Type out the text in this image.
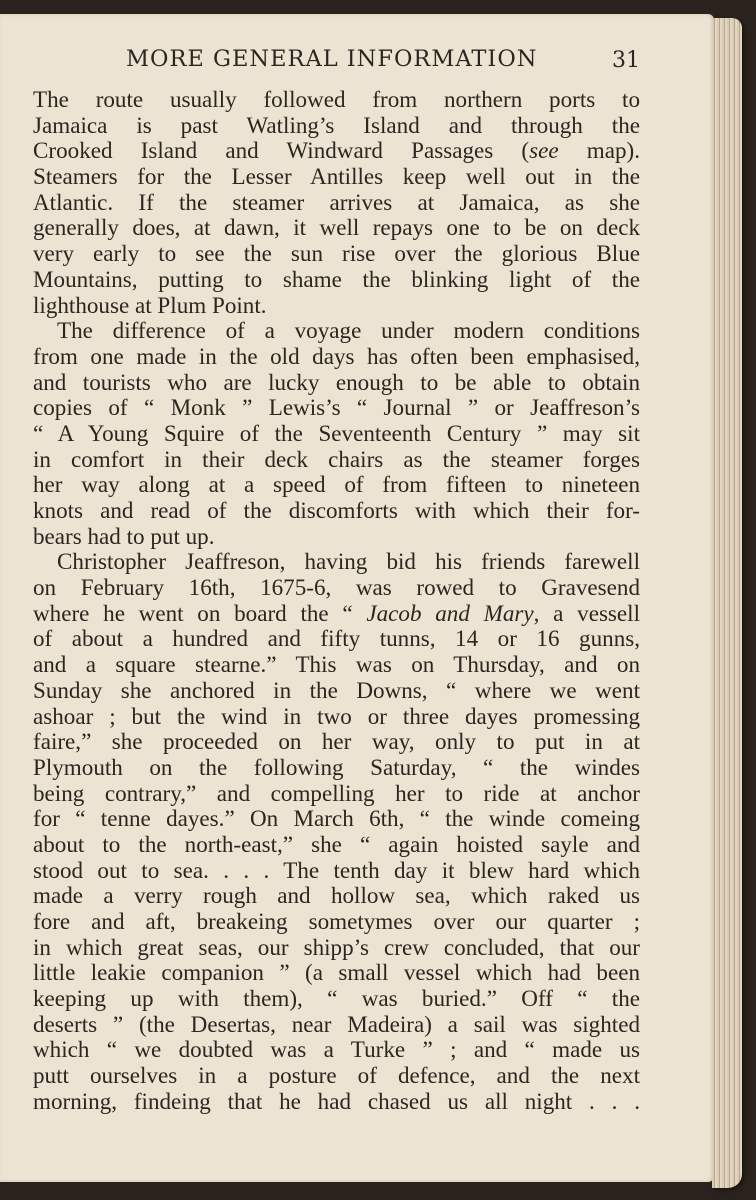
MORE GENERAL INFORMATION	31
The route usually followed from northern ports to
Jamaica is past Watling’s Island and through the
Crooked Island and Windward Passages (see map).
Steamers for the Lesser Antilles keep well out in the
Atlantic. If the steamer arrives at Jamaica, as she
generally does, at dawn, it well repays one to be on deck
very early to see the sun rise over the glorious Blue
Mountains, putting to shame the blinking light of the
lighthouse at Plum Point.
The difference of a voyage under modern conditions
from one made in the old days has often been emphasised,
and tourists who are lucky enough to be able to obtain
copies of “ Monk ” Lewis’s “ Journal ” or Jeaffreson’s
“ A Young Squire of the Seventeenth Century ” may sit
in comfort in their deck chairs as the steamer forges
her way along at a speed of from fifteen to nineteen
knots and read of the discomforts with which their for-
bears had to put up.
Christopher Jeaffreson, having bid his friends farewell
on February 16th, 1675-6, was rowed to Gravesend
where he went on board the “ Jacob and Mary, a vessell
of about a hundred and fifty tunns, 14 or 16 gunns,
and a square stearne.” This was on Thursday, and on
Sunday she anchored in the Downs, “ where we went
ashoar ; but the wind in two or three dayes promessing
faire,” she proceeded on her way, only to put in at
Plymouth on the following Saturday, “ the windes
being contrary,” and compelling her to ride at anchor
for “ tenne dayes.” On March 6th, “ the winde comeing
about to the north-east,” she “ again hoisted sayle and
stood out to sea. . . . The tenth day it blew hard which
made a verry rough and hollow sea, which raked us
fore and aft, breakeing sometymes over our quarter ;
in which great seas, our shipp’s crew concluded, that our
little leakie companion ” (a small vessel which had been
keeping up with them), “ was buried.” Off “ the
deserts ” (the Desertas, near Madeira) a sail was sighted
which “ we doubted was a Turke ” ; and “ made us
putt ourselves in a posture of defence, and the next
morning, findeing that he had chased us all night . . .
